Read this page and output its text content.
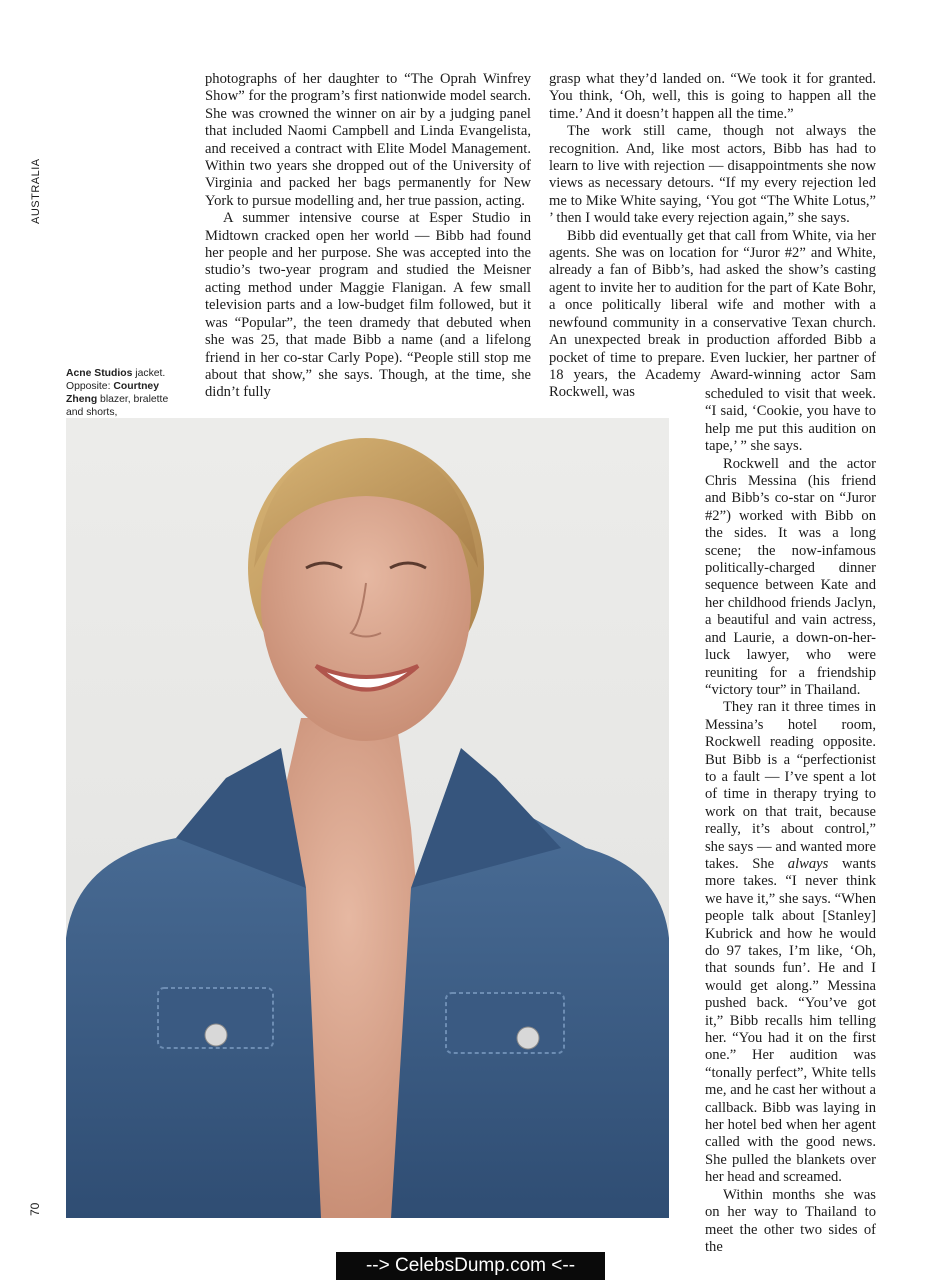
AUSTRALIA

photographs of her daughter to “The Oprah Winfrey Show” for the program’s first nationwide model search. She was crowned the winner on air by a judging panel that included Naomi Campbell and Linda Evangelista, and received a contract with Elite Model Management. Within two years she dropped out of the University of Virginia and packed her bags permanently for New York to pursue modelling and, her true passion, acting.

A summer intensive course at Esper Studio in Midtown cracked open her world — Bibb had found her people and her purpose. She was accepted into the studio’s two-year program and studied the Meisner acting method under Maggie Flanigan. A few small television parts and a low-budget film followed, but it was “Popular”, the teen dramedy that debuted when she was 25, that made Bibb a name (and a lifelong friend in her co-star Carly Pope). “People still stop me about that show,” she says. Though, at the time, she didn’t fully

grasp what they’d landed on. “We took it for granted. You think, ‘Oh, well, this is going to happen all the time.’ And it doesn’t happen all the time.”

The work still came, though not always the recognition. And, like most actors, Bibb has had to learn to live with rejection — disappointments she now views as necessary detours. “If my every rejection led me to Mike White saying, ‘You got “The White Lotus,” ’ then I would take every rejection again,” she says.

Bibb did eventually get that call from White, via her agents. She was on location for “Juror #2” and White, already a fan of Bibb’s, had asked the show’s casting agent to invite her to audition for the part of Kate Bohr, a once politically liberal wife and mother with a newfound community in a conservative Texan church. An unexpected break in production afforded Bibb a pocket of time to prepare. Even luckier, her partner of 18 years, the Academy Award-winning actor Sam Rockwell, was

Acne Studios jacket. Opposite: Courtney Zheng blazer, bralette and shorts,

scheduled to visit that week. “I said, ‘Cookie, you have to help me put this audition on tape,’ ” she says.

Rockwell and the actor Chris Messina (his friend and Bibb’s co-star on “Juror #2”) worked with Bibb on the sides. It was a long scene; the now-infamous politically-charged dinner sequence between Kate and her childhood friends Jaclyn, a beautiful and vain actress, and Laurie, a down-on-her-luck lawyer, who were reuniting for a friendship “victory tour” in Thailand.

They ran it three times in Messina’s hotel room, Rockwell reading opposite. But Bibb is a “perfectionist to a fault — I’ve spent a lot of time in therapy trying to work on that trait, because really, it’s about control,” she says — and wanted more takes. She always wants more takes. “I never think we have it,” she says. “When people talk about [Stanley] Kubrick and how he would do 97 takes, I’m like, ‘Oh, that sounds fun’. He and I would get along.” Messina pushed back. “You’ve got it,” Bibb recalls him telling her. “You had it on the first one.” Her audition was “tonally perfect”, White tells me, and he cast her without a callback. Bibb was laying in her hotel bed when her agent called with the good news. She pulled the blankets over her head and screamed.

Within months she was on her way to Thailand to meet the other two sides of the

70
--> CelebsDump.com <--
